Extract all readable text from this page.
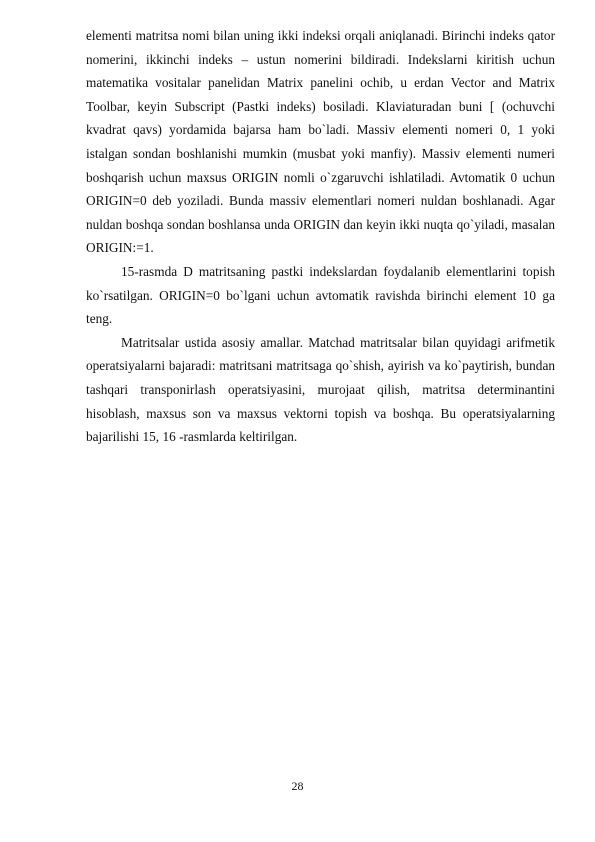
elementi matritsa nomi bilan uning ikki indeksi orqali aniqlanadi. Birinchi indeks qator nomerini, ikkinchi indeks – ustun nomerini bildiradi. Indekslarni kiritish uchun matematika vositalar panelidan Matrix panelini ochib, u erdan Vector and Matrix Toolbar, keyin Subscript (Pastki indeks) bosiladi. Klaviaturadan buni [ (ochuvchi kvadrat qavs) yordamida bajarsa ham bo`ladi. Massiv elementi nomeri 0, 1 yoki istalgan sondan boshlanishi mumkin (musbat yoki manfiy). Massiv elementi numeri boshqarish uchun maxsus ORIGIN nomli o`zgaruvchi ishlatiladi. Avtomatik 0 uchun ORIGIN=0 deb yoziladi. Bunda massiv elementlari nomeri nuldan boshlanadi. Agar nuldan boshqa sondan boshlansa unda ORIGIN dan keyin ikki nuqta qo`yiladi, masalan ORIGIN:=1.

15-rasmda D matritsaning pastki indekslardan foydalanib elementlarini topish ko`rsatilgan. ORIGIN=0 bo`lgani uchun avtomatik ravishda birinchi element 10 ga teng.

Matritsalar ustida asosiy amallar. Matchad matritsalar bilan quyidagi arifmetik operatsiyalarni bajaradi: matritsani matritsaga qo`shish, ayirish va ko`paytirish, bundan tashqari transponirlash operatsiyasini, murojaat qilish, matritsa determinantini hisoblash, maxsus son va maxsus vektorni topish va boshqa. Bu operatsiyalarning bajarilishi 15, 16 -rasmlarda keltirilgan.

28
